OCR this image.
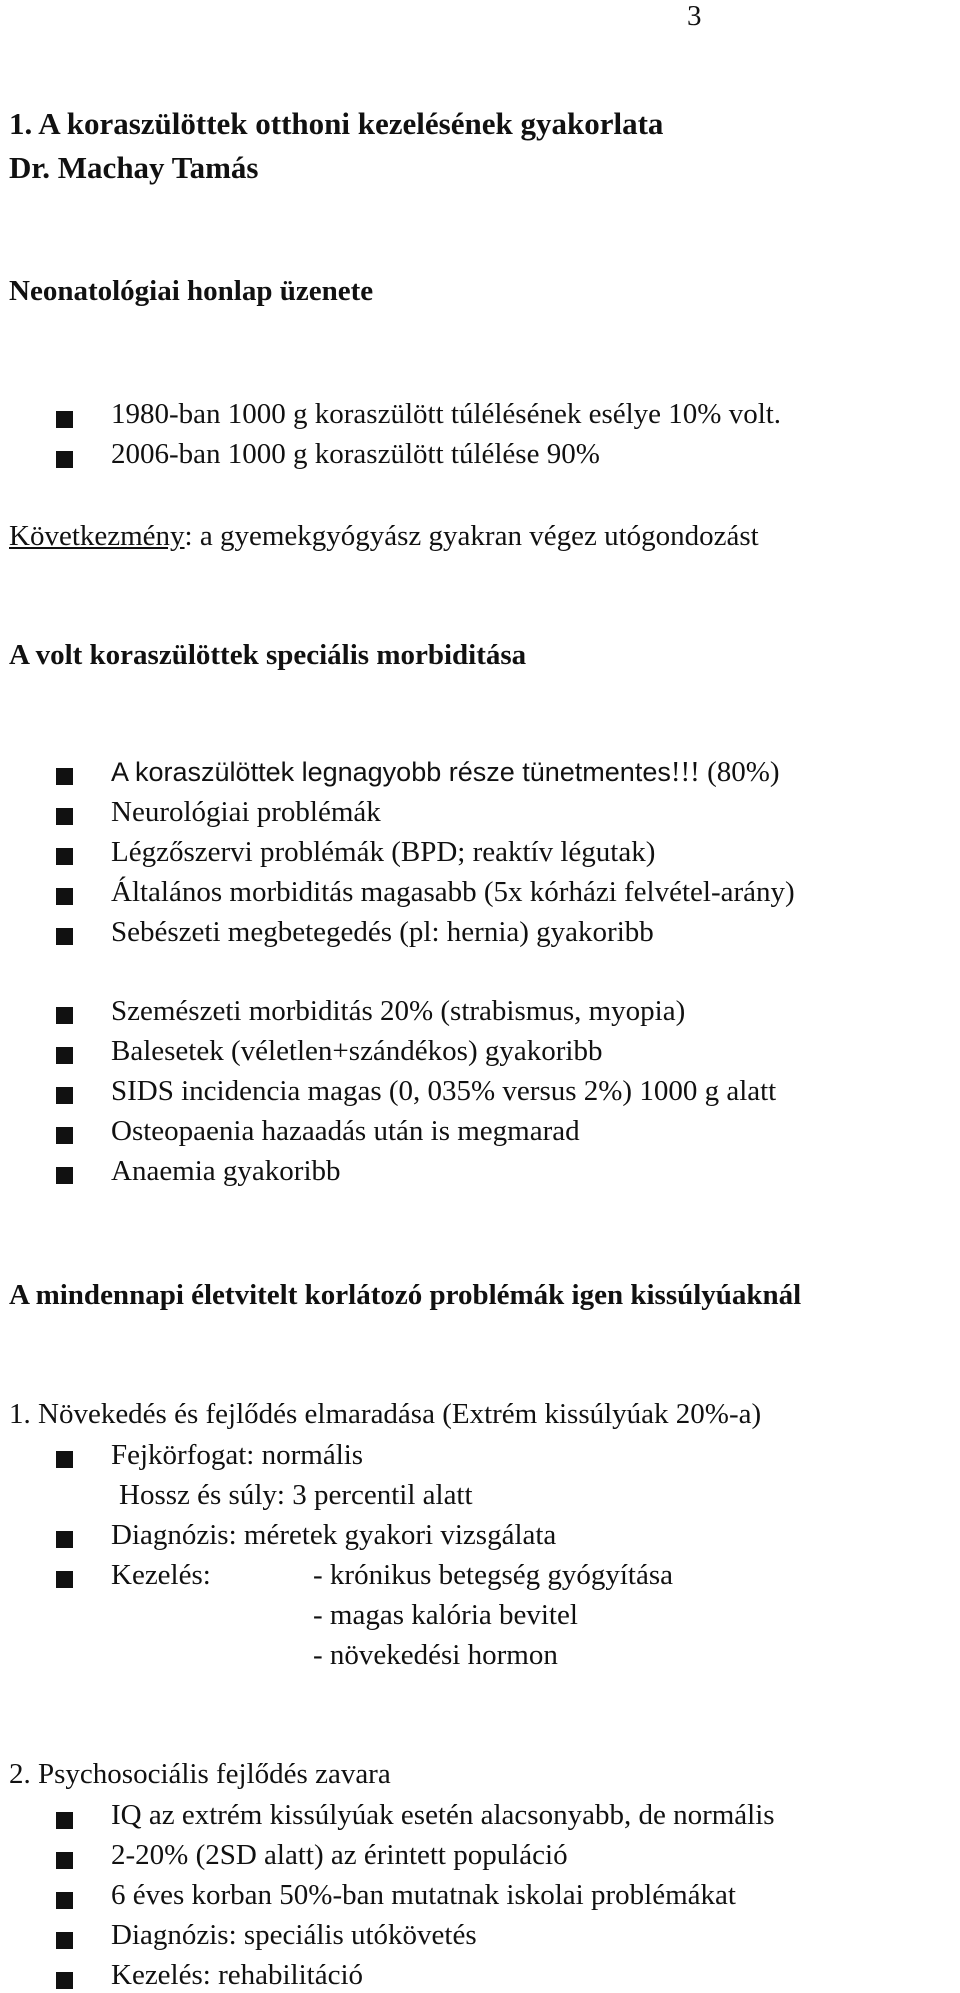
3
1. A koraszülöttek otthoni kezelésének gyakorlata
Dr. Machay Tamás
Neonatológiai honlap üzenete
1980-ban 1000 g koraszülött túlélésének esélye 10% volt.
2006-ban 1000 g koraszülött túlélése 90%
Következmény: a gyemekgyógyász gyakran végez utógondozást
A volt koraszülöttek speciális morbiditása
A koraszülöttek legnagyobb része tünetmentes!!! (80%)
Neurológiai problémák
Légzőszervi problémák (BPD; reaktív légutak)
Általános morbiditás magasabb (5x kórházi felvétel-arány)
Sebészeti megbetegedés (pl: hernia) gyakoribb
Szemészeti morbiditás 20% (strabismus, myopia)
Balesetek (véletlen+szándékos) gyakoribb
SIDS incidencia magas (0, 035% versus 2%) 1000 g alatt
Osteopaenia hazaadás után is megmarad
Anaemia gyakoribb
A mindennapi életvitelt korlátozó problémák igen kissúlyúaknál
1. Növekedés és fejlődés elmaradása (Extrém kissúlyúak 20%-a)
Fejkörfogat: normális
Hossz és súly: 3 percentil alatt
Diagnózis: méretek gyakori vizsgálata
Kezelés:	- krónikus betegség gyógyítása
- magas kalória bevitel
- növekedési hormon
2. Psychosociális fejlődés zavara
IQ az extrém kissúlyúak esetén alacsonyabb, de normális
2-20% (2SD alatt) az érintett populáció
6 éves korban 50%-ban mutatnak iskolai problémákat
Diagnózis: speciális utókövetés
Kezelés: rehabilitáció
